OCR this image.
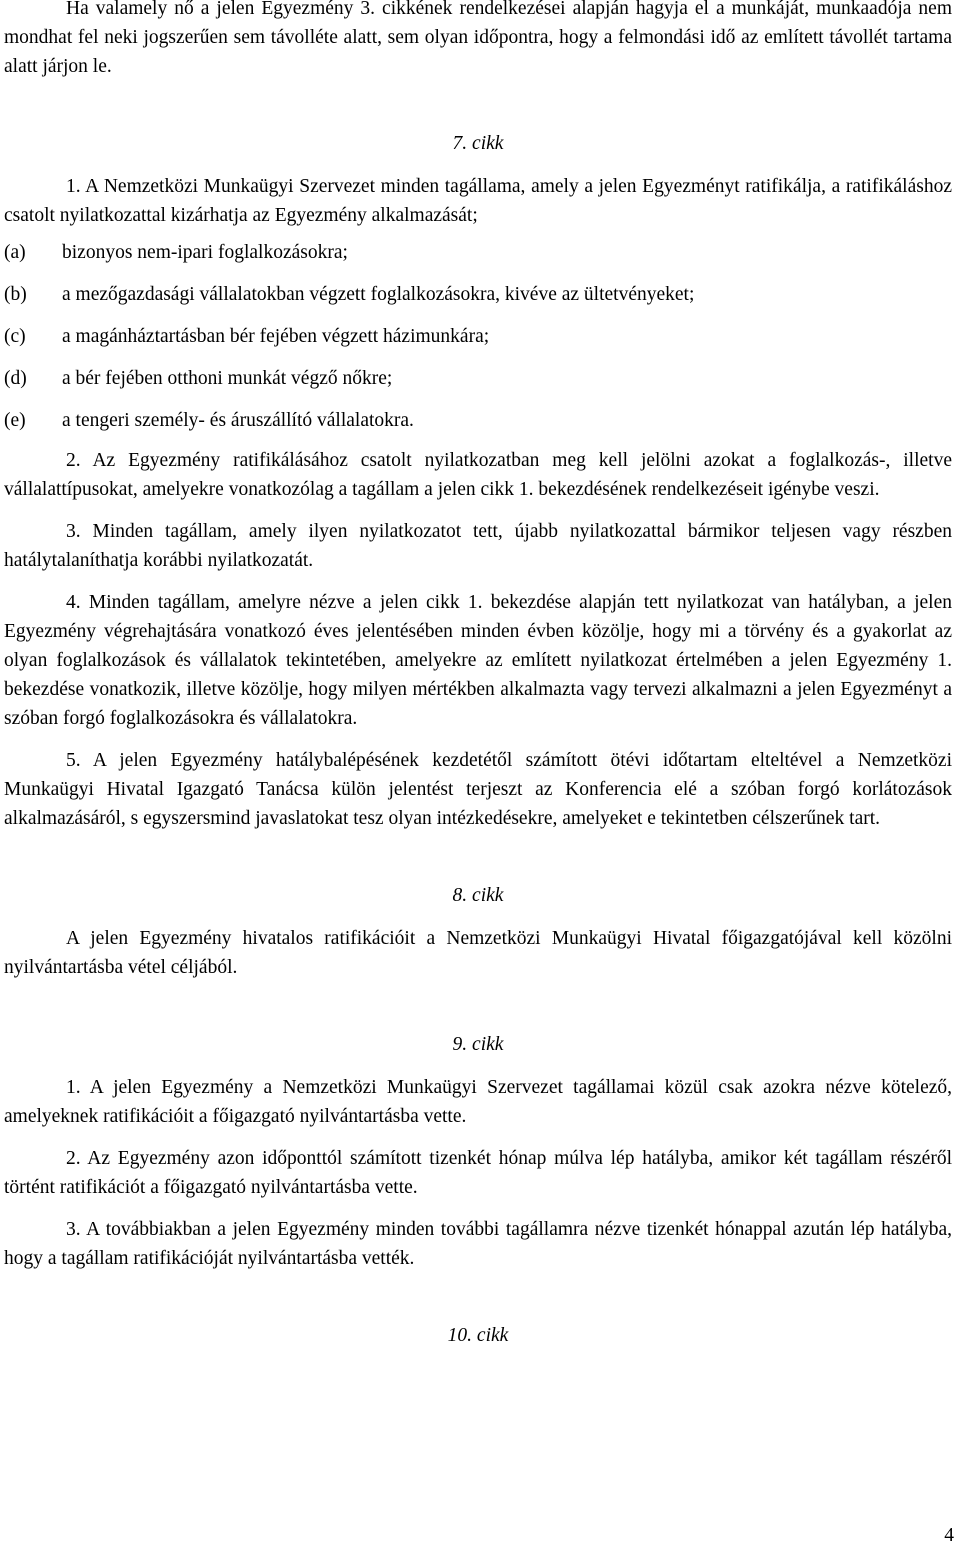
Ha valamely nő a jelen Egyezmény 3. cikkének rendelkezései alapján hagyja el a munkáját, munkaadója nem mondhat fel neki jogszerűen sem távolléte alatt, sem olyan időpontra, hogy a felmondási idő az említett távollét tartama alatt járjon le.

7. cikk

1. A Nemzetközi Munkaügyi Szervezet minden tagállama, amely a jelen Egyezményt ratifikálja, a ratifikáláshoz csatolt nyilatkozattal kizárhatja az Egyezmény alkalmazását;

(a)	bizonyos nem-ipari foglalkozásokra;
(b)	a mezőgazdasági vállalatokban végzett foglalkozásokra, kivéve az ültetvényeket;
(c)	a magánháztartásban bér fejében végzett házimunkára;
(d)	a bér fejében otthoni munkát végző nőkre;
(e)	a tengeri személy- és áruszállító vállalatokra.

2. Az Egyezmény ratifikálásához csatolt nyilatkozatban meg kell jelölni azokat a foglalkozás-, illetve vállalattípusokat, amelyekre vonatkozólag a tagállam a jelen cikk 1. bekezdésének rendelkezéseit igénybe veszi.

3. Minden tagállam, amely ilyen nyilatkozatot tett, újabb nyilatkozattal bármikor teljesen vagy részben hatálytalaníthatja korábbi nyilatkozatát.

4. Minden tagállam, amelyre nézve a jelen cikk 1. bekezdése alapján tett nyilatkozat van hatályban, a jelen Egyezmény végrehajtására vonatkozó éves jelentésében minden évben közölje, hogy mi a törvény és a gyakorlat az olyan foglalkozások és vállalatok tekintetében, amelyekre az említett nyilatkozat értelmében a jelen Egyezmény 1. bekezdése vonatkozik, illetve közölje, hogy milyen mértékben alkalmazta vagy tervezi alkalmazni a jelen Egyezményt a szóban forgó foglalkozásokra és vállalatokra.

5. A jelen Egyezmény hatálybalépésének kezdetétől számított ötévi időtartam elteltével a Nemzetközi Munkaügyi Hivatal Igazgató Tanácsa külön jelentést terjeszt az Konferencia elé a szóban forgó korlátozások alkalmazásáról, s egyszersmind javaslatokat tesz olyan intézkedésekre, amelyeket e tekintetben célszerűnek tart.

8. cikk

A jelen Egyezmény hivatalos ratifikációit a Nemzetközi Munkaügyi Hivatal főigazgatójával kell közölni nyilvántartásba vétel céljából.

9. cikk

1. A jelen Egyezmény a Nemzetközi Munkaügyi Szervezet tagállamai közül csak azokra nézve kötelező, amelyeknek ratifikációit a főigazgató nyilvántartásba vette.

2. Az Egyezmény azon időponttól számított tizenkét hónap múlva lép hatályba, amikor két tagállam részéről történt ratifikációt a főigazgató nyilvántartásba vette.

3. A továbbiakban a jelen Egyezmény minden további tagállamra nézve tizenkét hónappal azután lép hatályba, hogy a tagállam ratifikációját nyilvántartásba vették.

10. cikk

4
